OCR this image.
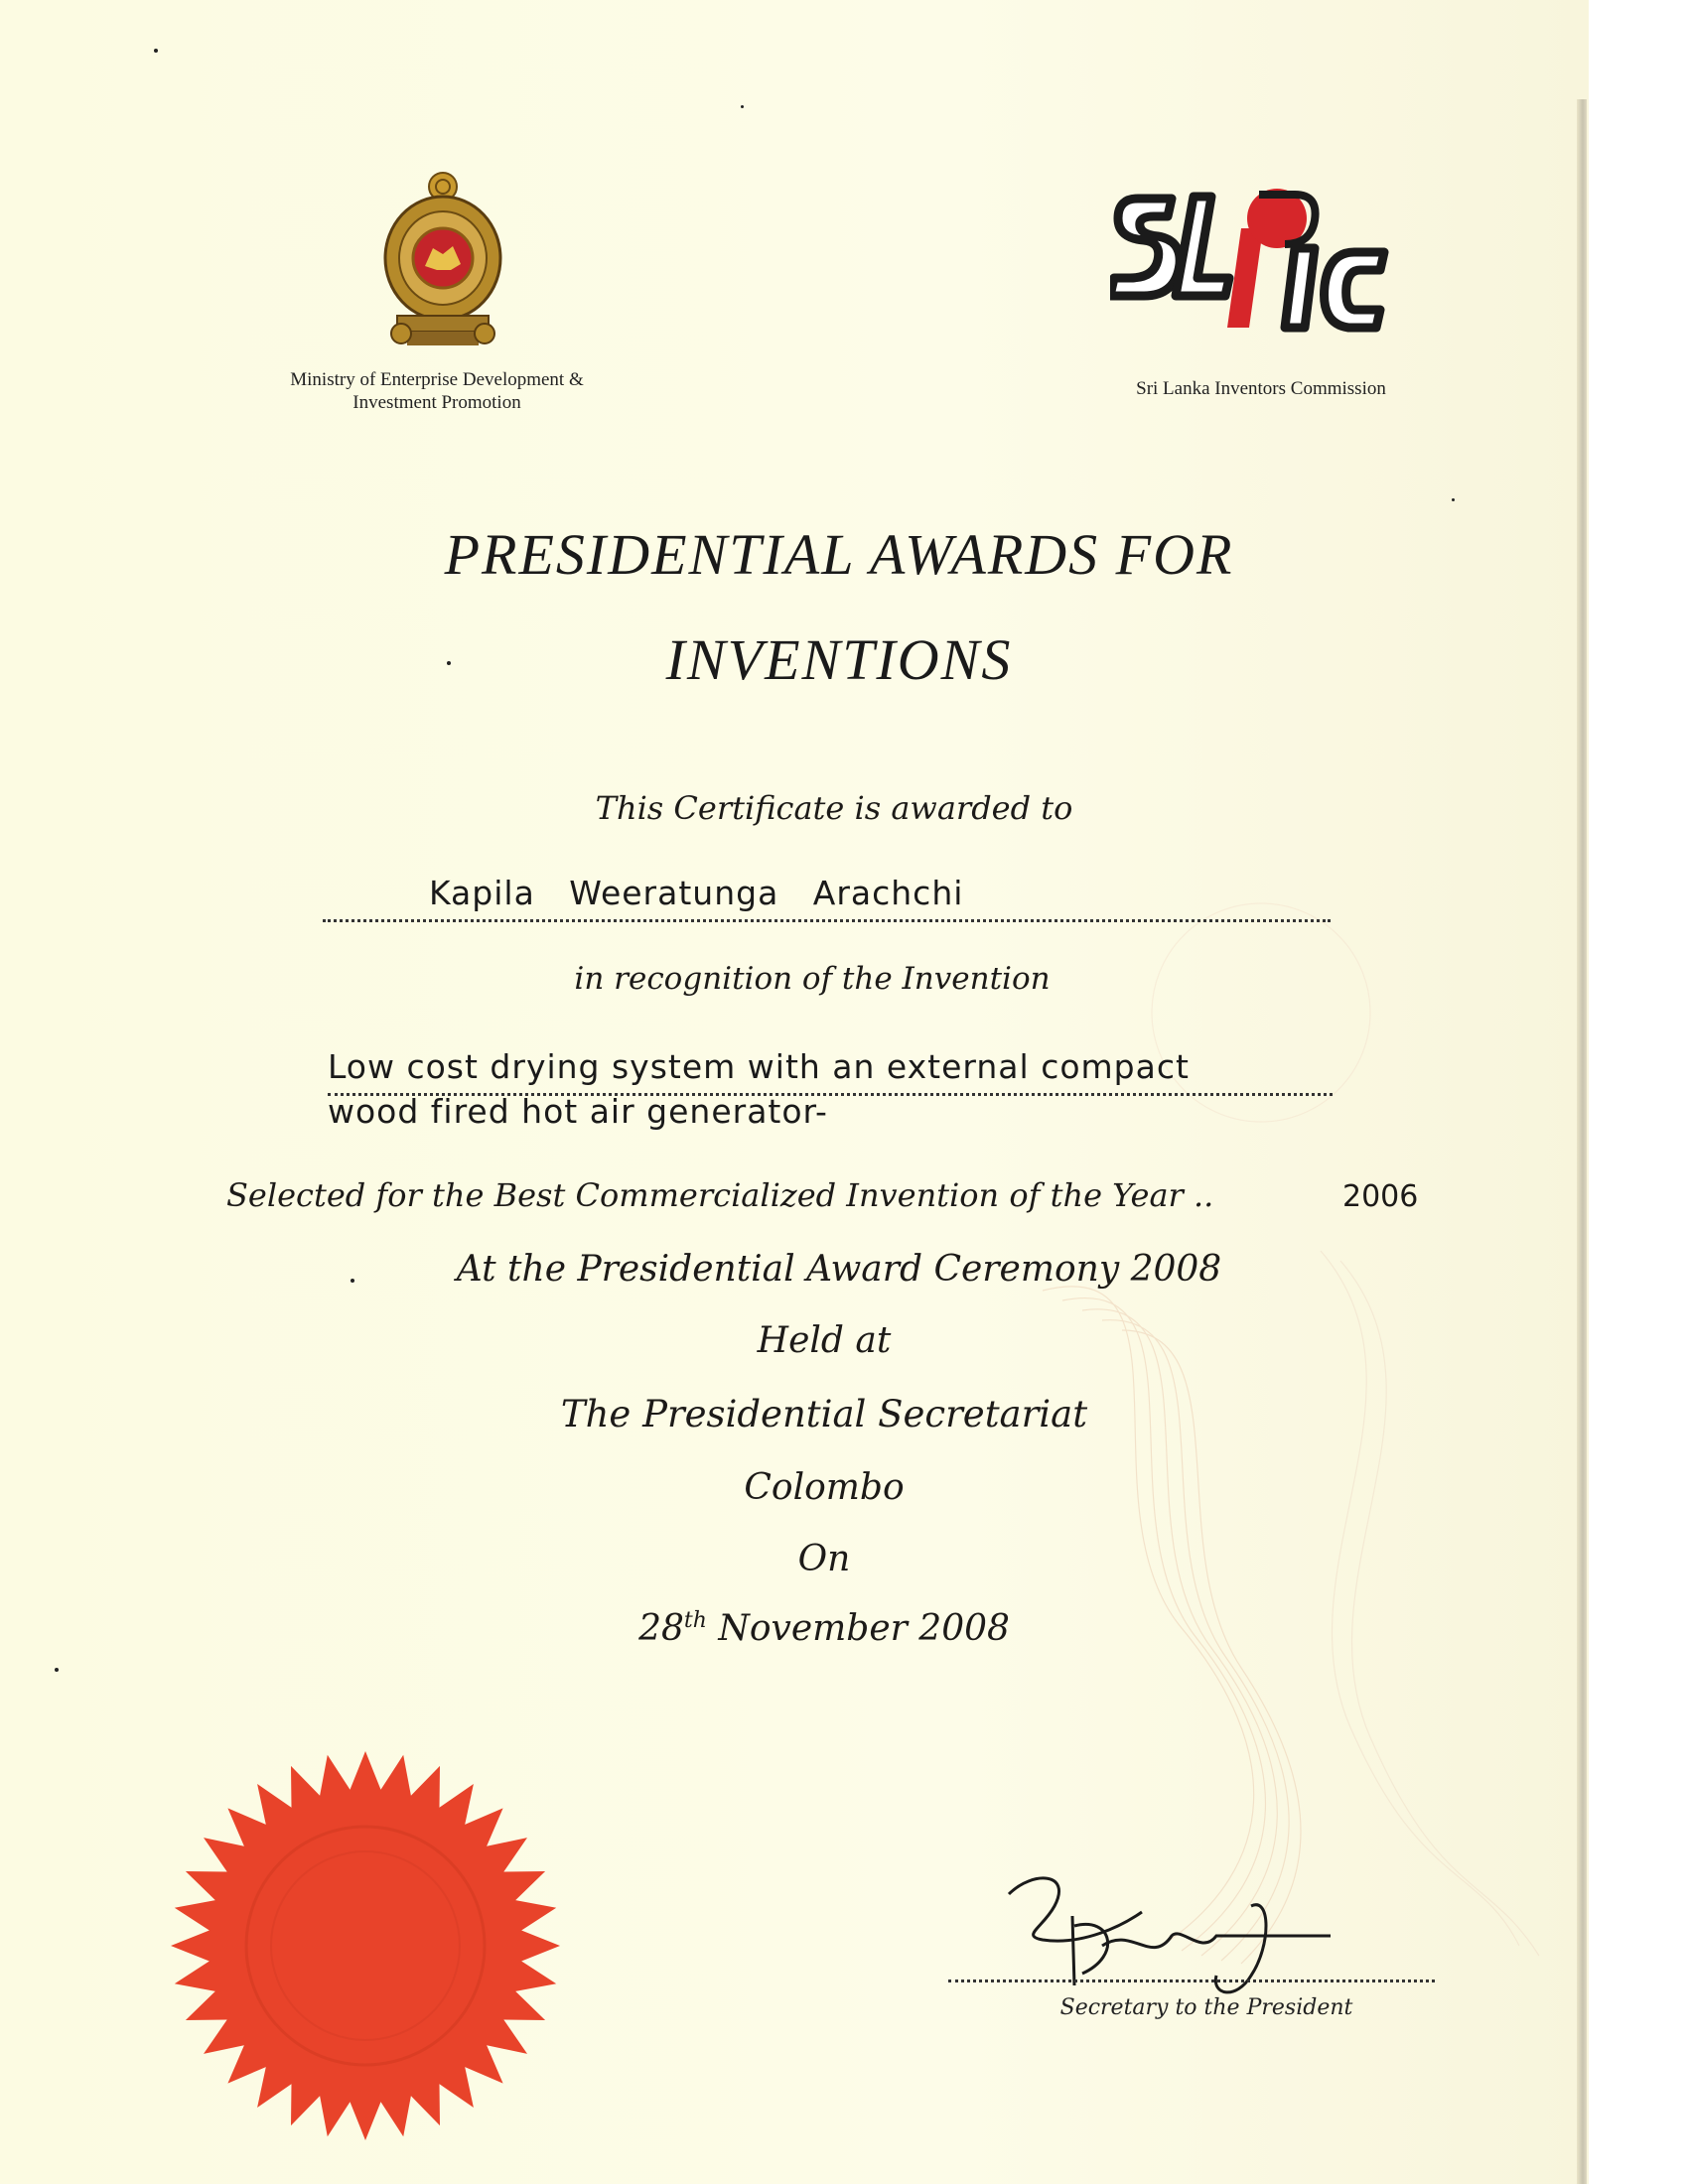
Ministry of Enterprise Development &
Investment Promotion
Sri Lanka Inventors Commission
PRESIDENTIAL AWARDS FOR
INVENTIONS
This Certificate is awarded to
Kapila   Weeratunga   Arachchi
in recognition of the Invention
Low cost drying system with an external compact
wood fired hot air generator-
Selected for the Best Commercialized Invention of the Year ..	2006
At the Presidential Award Ceremony 2008
Held at
The Presidential Secretariat
Colombo
On
28th November 2008
Secretary to the President
